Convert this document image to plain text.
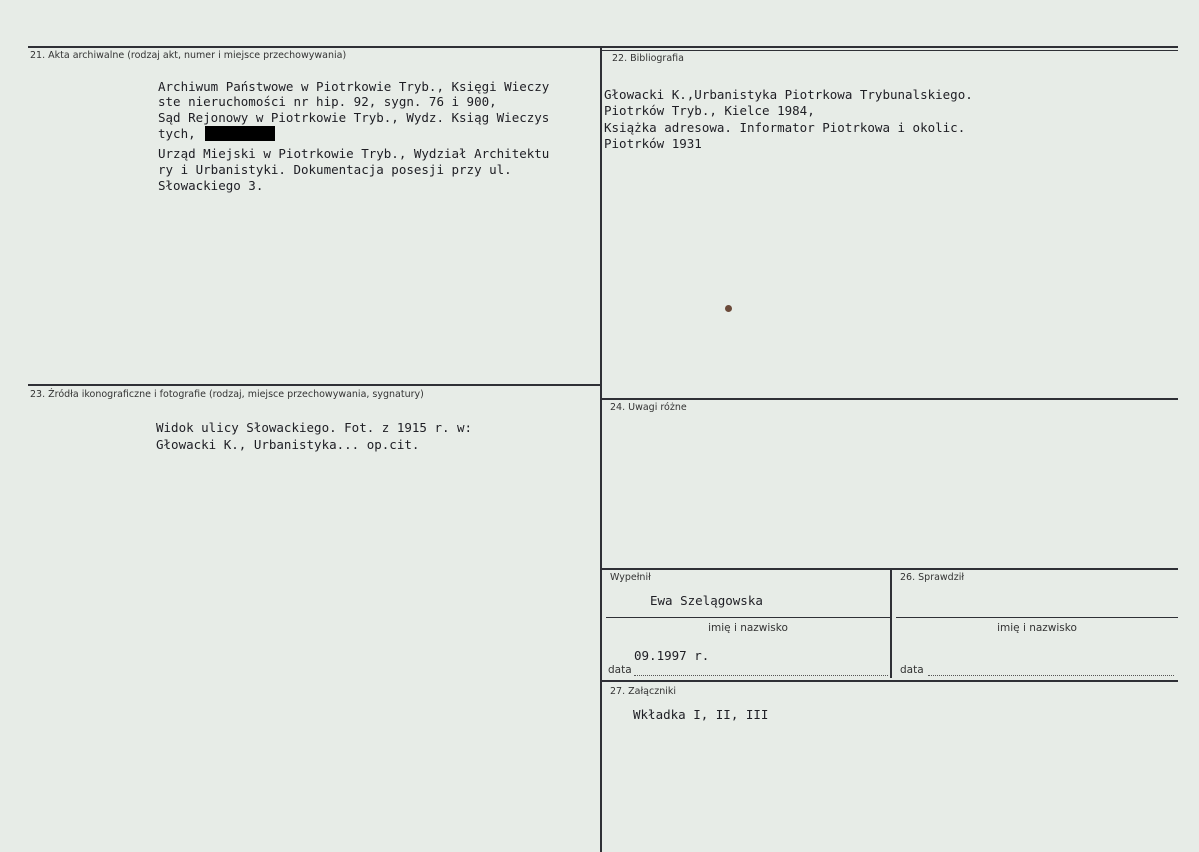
21. Akta archiwalne (rodzaj akt, numer i miejsce przechowywania)
Archiwum Państwowe w Piotrkowie Tryb., Księgi Wieczy
ste nieruchomości nr hip. 92, sygn. 76 i 900,
Sąd Rejonowy w Piotrkowie Tryb., Wydz. Ksiąg Wieczys
tych,
Urząd Miejski w Piotrkowie Tryb., Wydział Architektu
ry i Urbanistyki. Dokumentacja posesji przy ul.
Słowackiego 3.
22. Bibliografia
Głowacki K.,Urbanistyka Piotrkowa Trybunalskiego.
Piotrków Tryb., Kielce 1984,
Książka adresowa. Informator Piotrkowa i okolic.
Piotrków 1931
23. Źródła ikonograficzne i fotografie (rodzaj, miejsce przechowywania, sygnatury)
Widok ulicy Słowackiego. Fot. z 1915 r. w:
Głowacki K., Urbanistyka... op.cit.
24. Uwagi różne
Wypełnił
Ewa Szelągowska
imię i nazwisko
09.1997 r.
data
26. Sprawdził
imię i nazwisko
data
27. Załączniki
Wkładka I, II, III
